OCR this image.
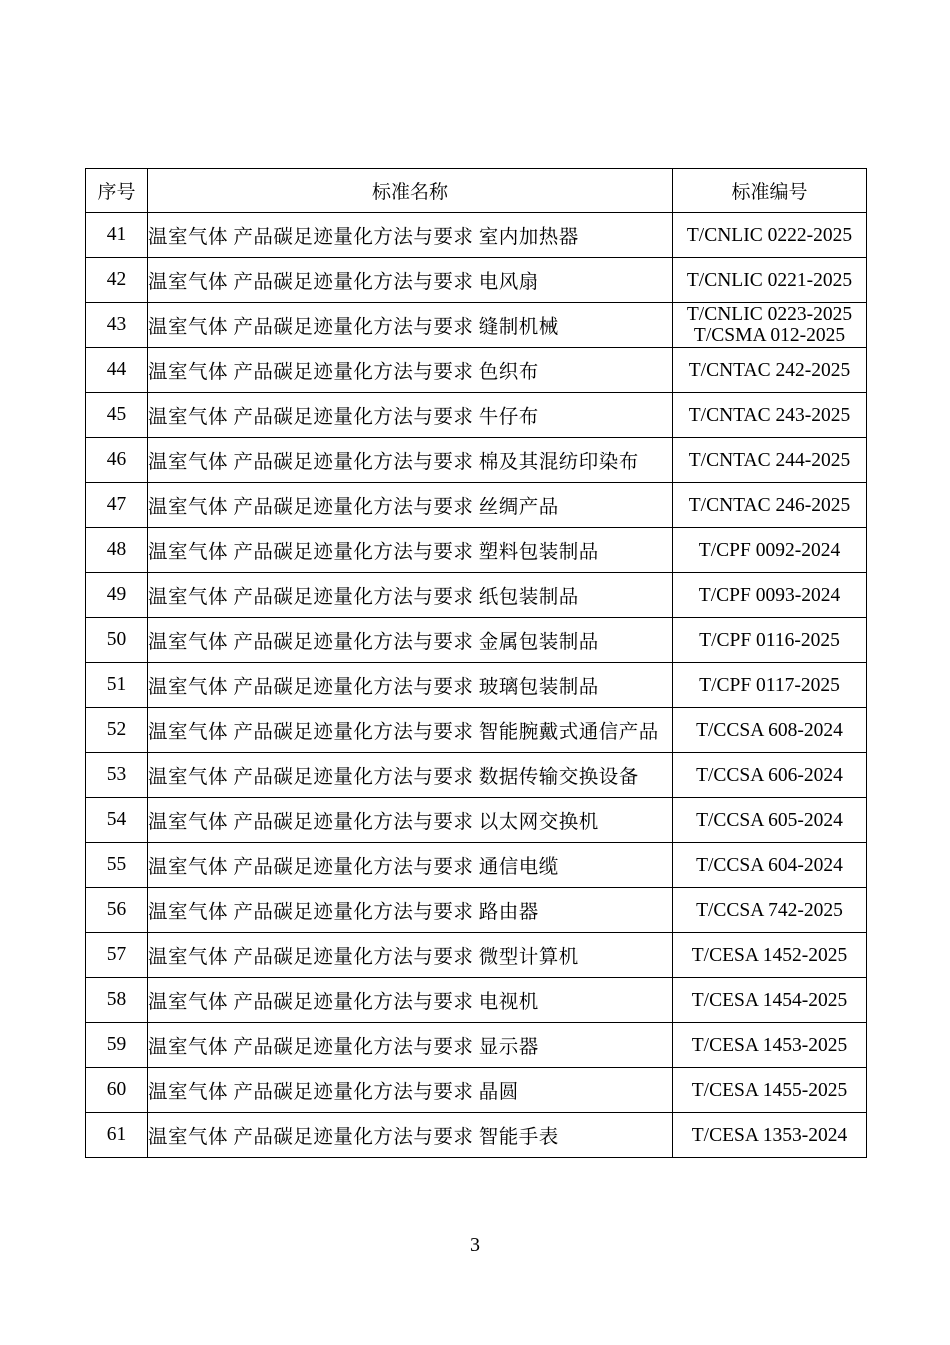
序号	标准名称	标准编号
41	温室气体 产品碳足迹量化方法与要求 室内加热器	T/CNLIC 0222-2025

42	温室气体 产品碳足迹量化方法与要求 电风扇	T/CNLIC 0221-2025

43	温室气体 产品碳足迹量化方法与要求 缝制机械	T/CNLIC 0223-2025
T/CSMA 012-2025

44	温室气体 产品碳足迹量化方法与要求 色织布	T/CNTAC 242-2025

45	温室气体 产品碳足迹量化方法与要求 牛仔布	T/CNTAC 243-2025

46	温室气体 产品碳足迹量化方法与要求 棉及其混纺印染布	T/CNTAC 244-2025

47	温室气体 产品碳足迹量化方法与要求 丝绸产品	T/CNTAC 246-2025

48	温室气体 产品碳足迹量化方法与要求 塑料包装制品	T/CPF 0092-2024

49	温室气体 产品碳足迹量化方法与要求 纸包装制品	T/CPF 0093-2024

50	温室气体 产品碳足迹量化方法与要求 金属包装制品	T/CPF 0116-2025

51	温室气体 产品碳足迹量化方法与要求 玻璃包装制品	T/CPF 0117-2025

52	温室气体 产品碳足迹量化方法与要求 智能腕戴式通信产品	T/CCSA 608-2024

53	温室气体 产品碳足迹量化方法与要求 数据传输交换设备	T/CCSA 606-2024

54	温室气体 产品碳足迹量化方法与要求 以太网交换机	T/CCSA 605-2024

55	温室气体 产品碳足迹量化方法与要求 通信电缆	T/CCSA 604-2024

56	温室气体 产品碳足迹量化方法与要求 路由器	T/CCSA 742-2025

57	温室气体 产品碳足迹量化方法与要求 微型计算机	T/CESA 1452-2025

58	温室气体 产品碳足迹量化方法与要求 电视机	T/CESA 1454-2025

59	温室气体 产品碳足迹量化方法与要求 显示器	T/CESA 1453-2025

60	温室气体 产品碳足迹量化方法与要求 晶圆	T/CESA 1455-2025

61	温室气体 产品碳足迹量化方法与要求 智能手表	T/CESA 1353-2024
3
